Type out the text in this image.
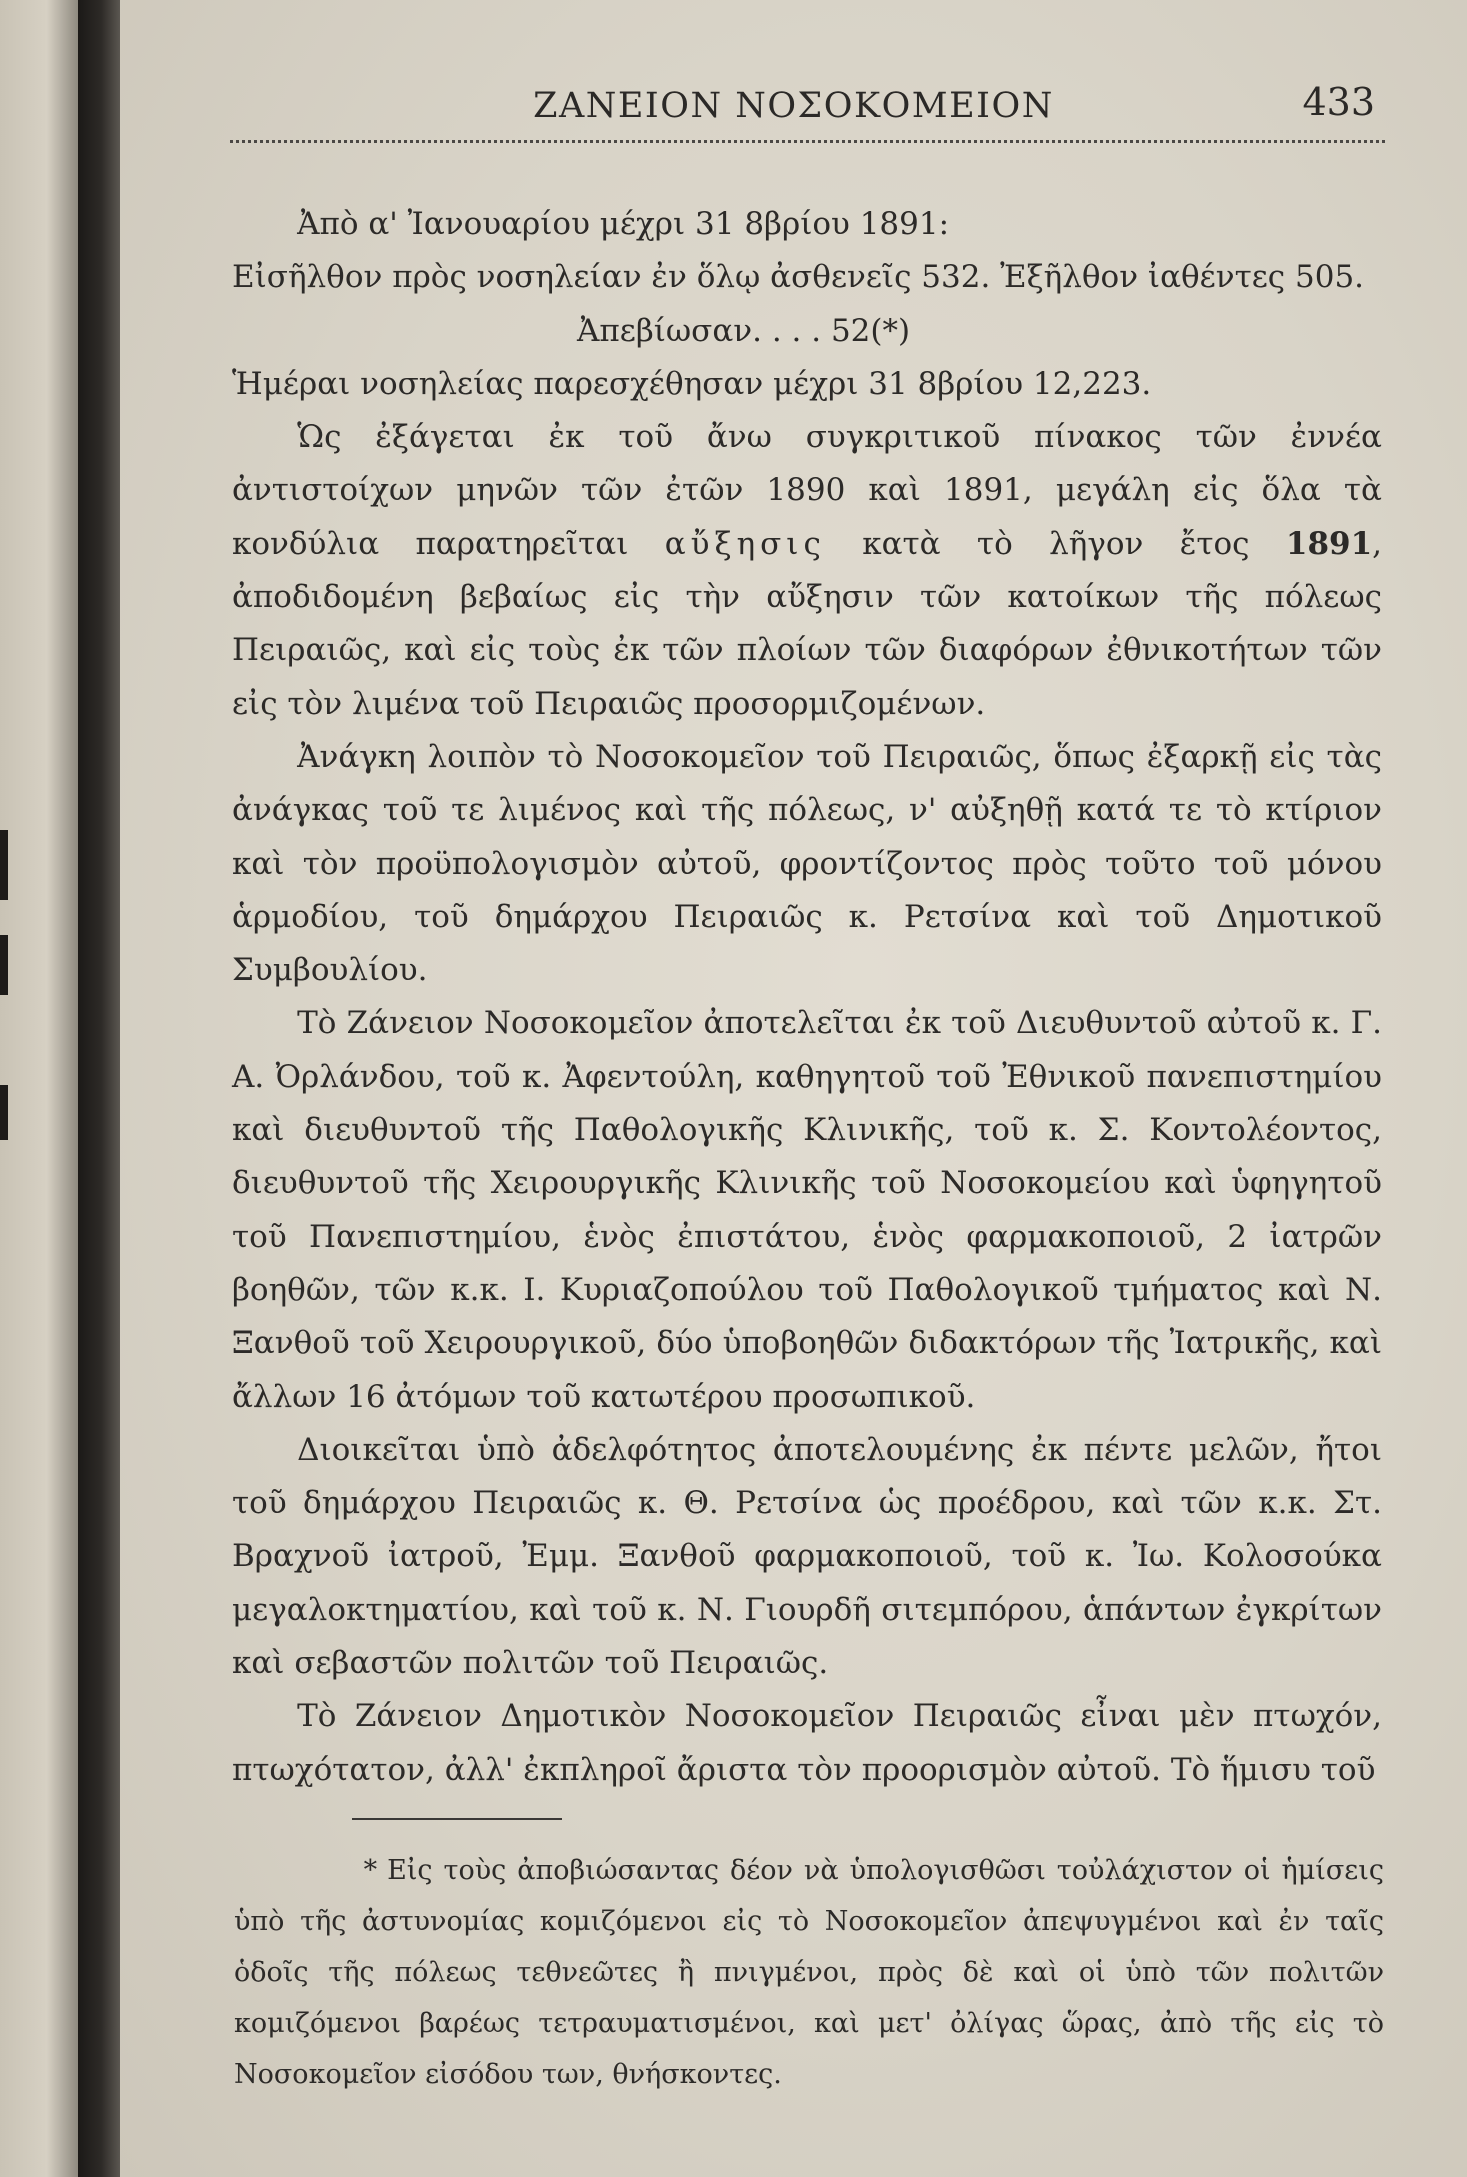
ΖΑΝΕΙΟΝ ΝΟΣΟΚΟΜΕΙΟΝ	433

Ἀπὸ α' Ἰανουαρίου μέχρι 31 8βρίου 1891:

Εἰσῆλθον πρὸς νοσηλείαν ἐν ὅλῳ ἀσθενεῖς 532. Ἐξῆλθον ἰαθέντες 505.

Ἀπεβίωσαν. . . . 52(*)

Ἡμέραι νοσηλείας παρεσχέθησαν μέχρι 31 8βρίου 12,223.

Ὡς ἐξάγεται ἐκ τοῦ ἄνω συγκριτικοῦ πίνακος τῶν ἐννέα ἀντιστοίχων μηνῶν τῶν ἐτῶν 1890 καὶ 1891, μεγάλη εἰς ὅλα τὰ κονδύλια παρατηρεῖται αὔξησις κατὰ τὸ λῆγον ἔτος 1891, ἀποδιδομένη βεβαίως εἰς τὴν αὔξησιν τῶν κατοίκων τῆς πόλεως Πειραιῶς, καὶ εἰς τοὺς ἐκ τῶν πλοίων τῶν διαφόρων ἐθνικοτήτων τῶν εἰς τὸν λιμένα τοῦ Πειραιῶς προσορμιζομένων.

Ἀνάγκη λοιπὸν τὸ Νοσοκομεῖον τοῦ Πειραιῶς, ὅπως ἐξαρκῇ εἰς τὰς ἀνάγκας τοῦ τε λιμένος καὶ τῆς πόλεως, ν' αὐξηθῇ κατά τε τὸ κτίριον καὶ τὸν προϋπολογισμὸν αὐτοῦ, φροντίζοντος πρὸς τοῦτο τοῦ μόνου ἁρμοδίου, τοῦ δημάρχου Πειραιῶς κ. Ρετσίνα καὶ τοῦ Δημοτικοῦ Συμβουλίου.

Τὸ Ζάνειον Νοσοκομεῖον ἀποτελεῖται ἐκ τοῦ Διευθυντοῦ αὐτοῦ κ. Γ. Α. Ὀρλάνδου, τοῦ κ. Ἀφεντούλη, καθηγητοῦ τοῦ Ἐθνικοῦ πανεπιστημίου καὶ διευθυντοῦ τῆς Παθολογικῆς Κλινικῆς, τοῦ κ. Σ. Κοντολέοντος, διευθυντοῦ τῆς Χειρουργικῆς Κλινικῆς τοῦ Νοσοκομείου καὶ ὑφηγητοῦ τοῦ Πανεπιστημίου, ἑνὸς ἐπιστάτου, ἑνὸς φαρμακοποιοῦ, 2 ἰατρῶν βοηθῶν, τῶν κ.κ. Ι. Κυριαζοπούλου τοῦ Παθολογικοῦ τμήματος καὶ Ν. Ξανθοῦ τοῦ Χειρουργικοῦ, δύο ὑποβοηθῶν διδακτόρων τῆς Ἰατρικῆς, καὶ ἄλλων 16 ἀτόμων τοῦ κατωτέρου προσωπικοῦ.

Διοικεῖται ὑπὸ ἀδελφότητος ἀποτελουμένης ἐκ πέντε μελῶν, ἤτοι τοῦ δημάρχου Πειραιῶς κ. Θ. Ρετσίνα ὡς προέδρου, καὶ τῶν κ.κ. Στ. Βραχνοῦ ἰατροῦ, Ἐμμ. Ξανθοῦ φαρμακοποιοῦ, τοῦ κ. Ἰω. Κολοσούκα μεγαλοκτηματίου, καὶ τοῦ κ. Ν. Γιουρδῆ σιτεμπόρου, ἁπάντων ἐγκρίτων καὶ σεβαστῶν πολιτῶν τοῦ Πειραιῶς.

Τὸ Ζάνειον Δημοτικὸν Νοσοκομεῖον Πειραιῶς εἶναι μὲν πτωχόν, πτωχότατον, ἀλλ' ἐκπληροῖ ἄριστα τὸν προορισμὸν αὐτοῦ. Τὸ ἥμισυ τοῦ

* Εἰς τοὺς ἀποβιώσαντας δέον νὰ ὑπολογισθῶσι τοὐλάχιστον οἱ ἡμίσεις ὑπὸ τῆς ἀστυνομίας κομιζόμενοι εἰς τὸ Νοσοκομεῖον ἀπεψυγμένοι καὶ ἐν ταῖς ὁδοῖς τῆς πόλεως τεθνεῶτες ἢ πνιγμένοι, πρὸς δὲ καὶ οἱ ὑπὸ τῶν πολιτῶν κομιζόμενοι βαρέως τετραυματισμένοι, καὶ μετ' ὀλίγας ὥρας, ἀπὸ τῆς εἰς τὸ Νοσοκομεῖον εἰσόδου των, θνήσκοντες.
